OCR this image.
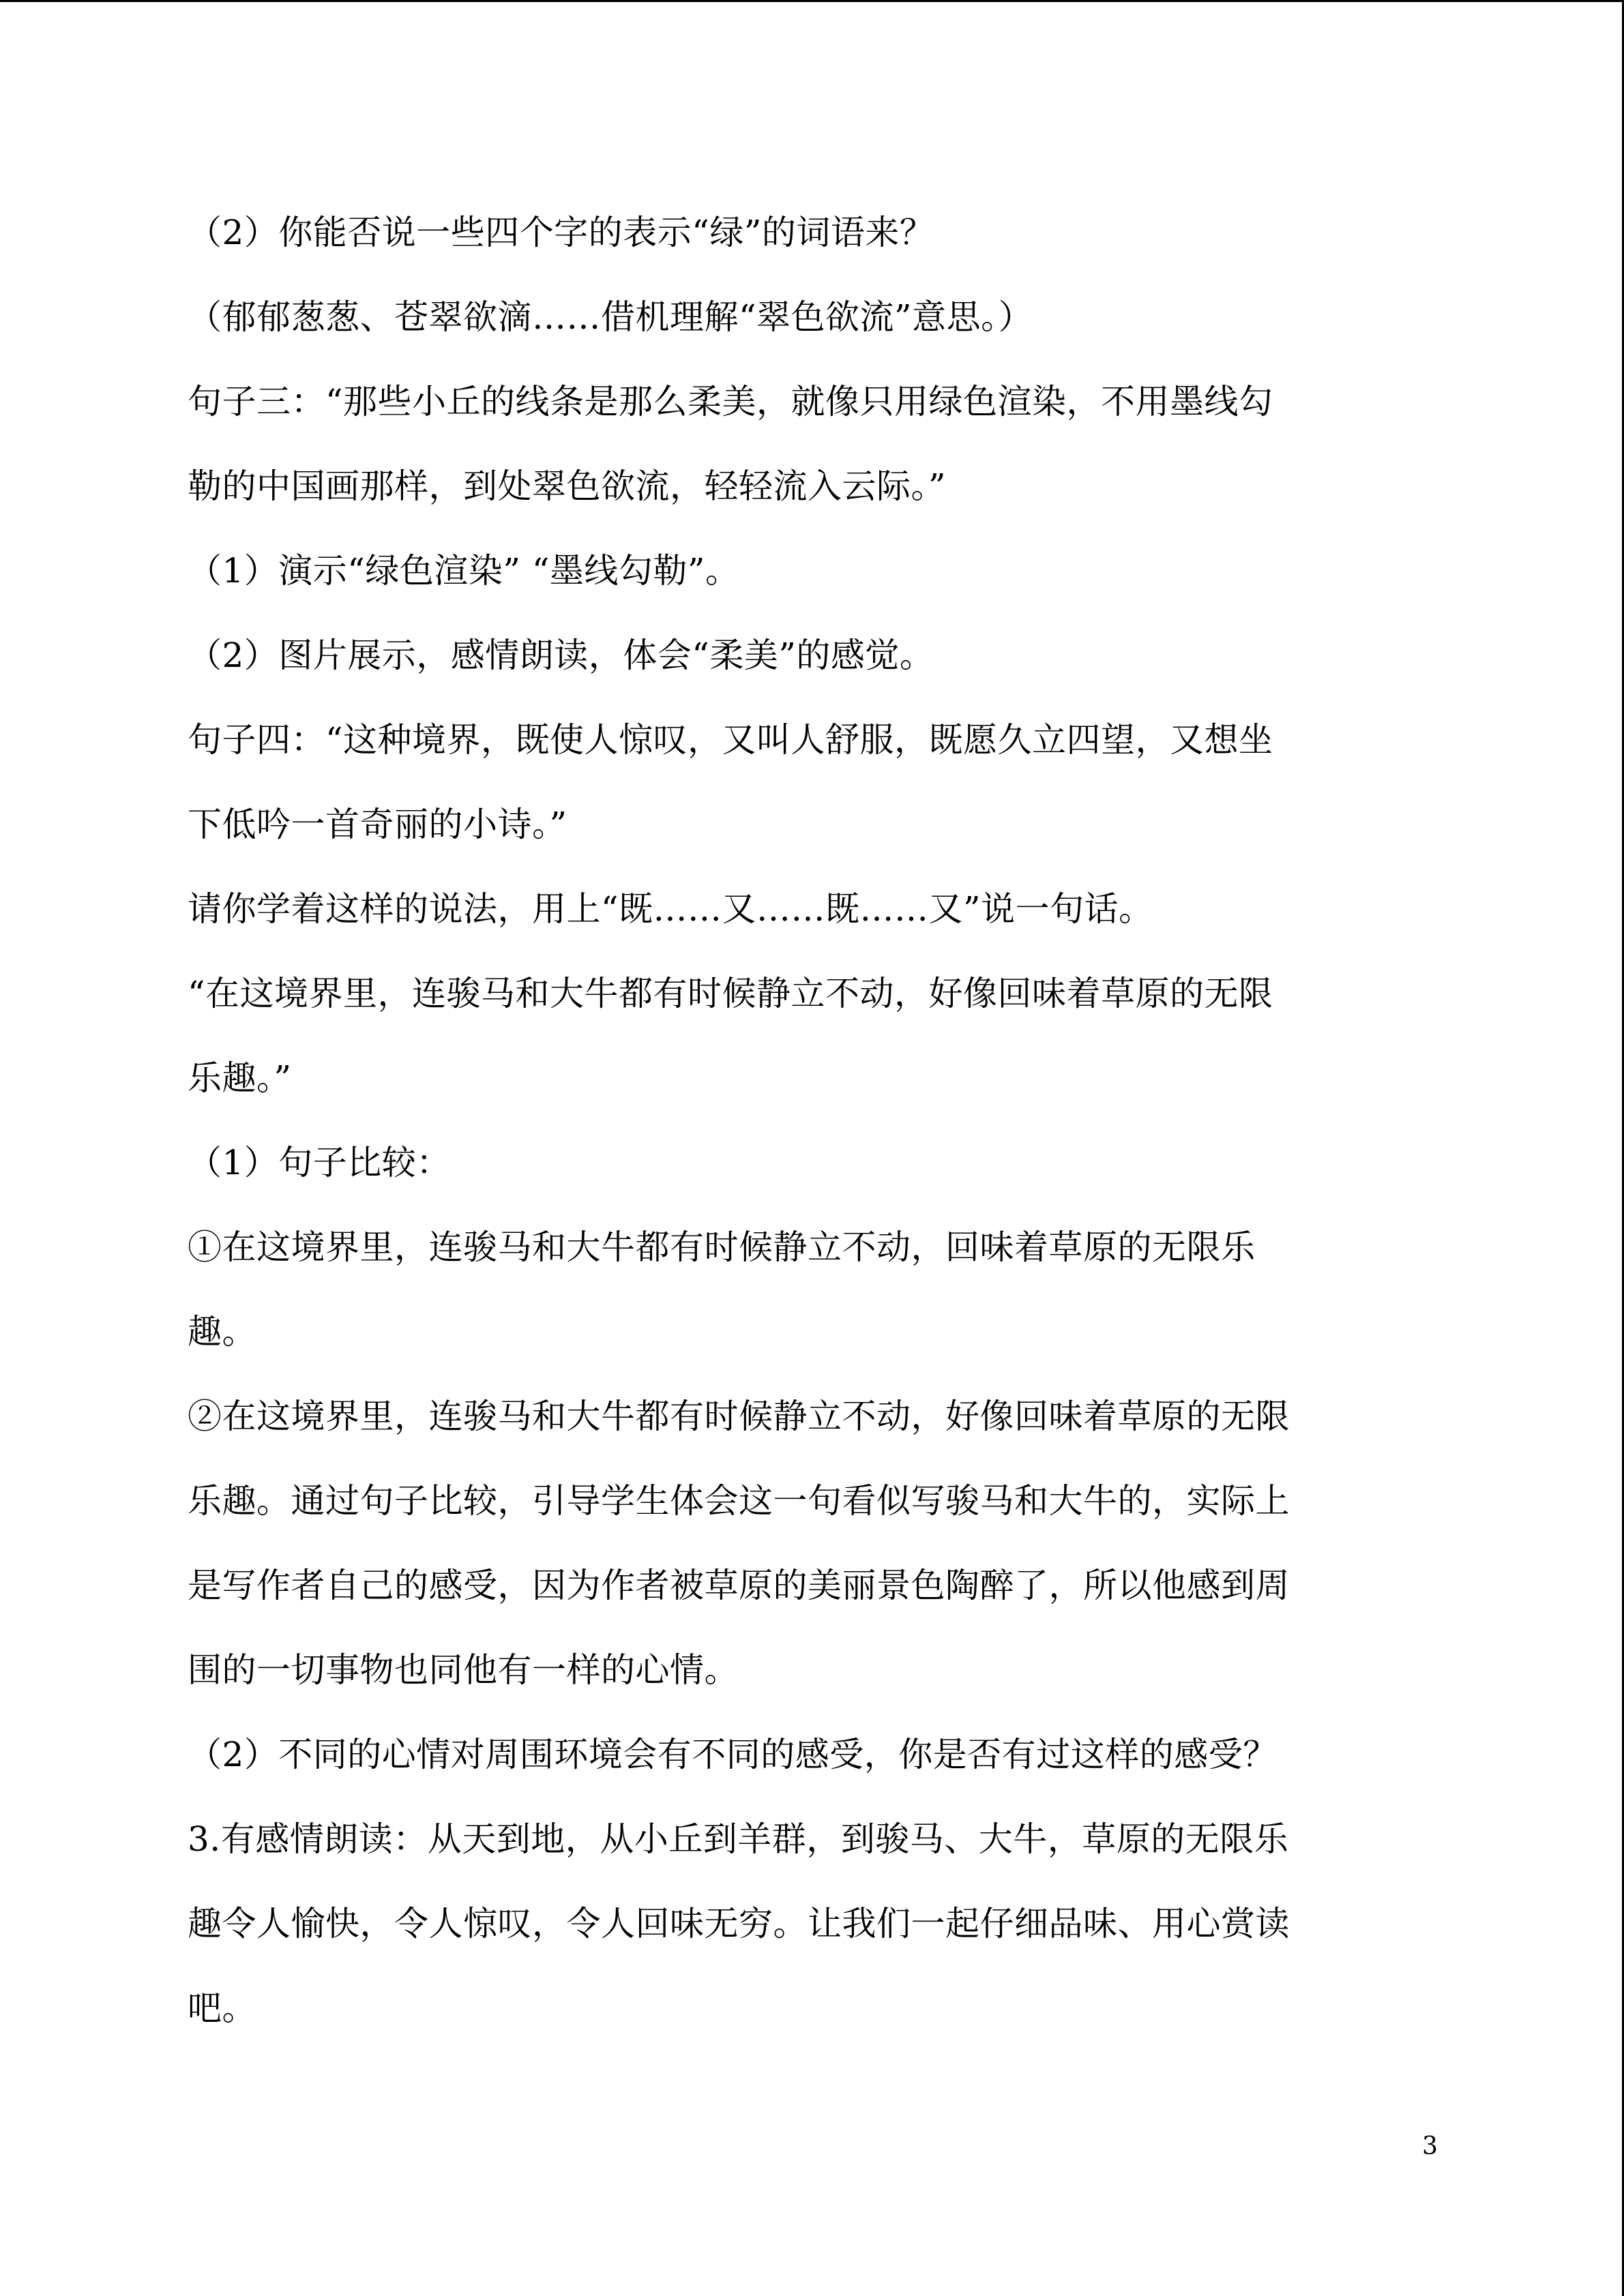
（2）你能否说一些四个字的表示“绿”的词语来？
（郁郁葱葱、苍翠欲滴……借机理解“翠色欲流”意思。）
句子三：“那些小丘的线条是那么柔美，就像只用绿色渲染，不用墨线勾
勒的中国画那样，到处翠色欲流，轻轻流入云际。”
（1）演示“绿色渲染” “墨线勾勒”。
（2）图片展示，感情朗读，体会“柔美”的感觉。
句子四：“这种境界，既使人惊叹，又叫人舒服，既愿久立四望，又想坐
下低吟一首奇丽的小诗。”
请你学着这样的说法，用上“既……又……既……又”说一句话。
“在这境界里，连骏马和大牛都有时候静立不动，好像回味着草原的无限
乐趣。”
（1）句子比较：
①在这境界里，连骏马和大牛都有时候静立不动，回味着草原的无限乐
趣。
②在这境界里，连骏马和大牛都有时候静立不动，好像回味着草原的无限
乐趣。通过句子比较，引导学生体会这一句看似写骏马和大牛的，实际上
是写作者自己的感受，因为作者被草原的美丽景色陶醉了，所以他感到周
围的一切事物也同他有一样的心情。
（2）不同的心情对周围环境会有不同的感受，你是否有过这样的感受？
3.有感情朗读：从天到地，从小丘到羊群，到骏马、大牛，草原的无限乐
趣令人愉快，令人惊叹，令人回味无穷。让我们一起仔细品味、用心赏读
吧。
3
